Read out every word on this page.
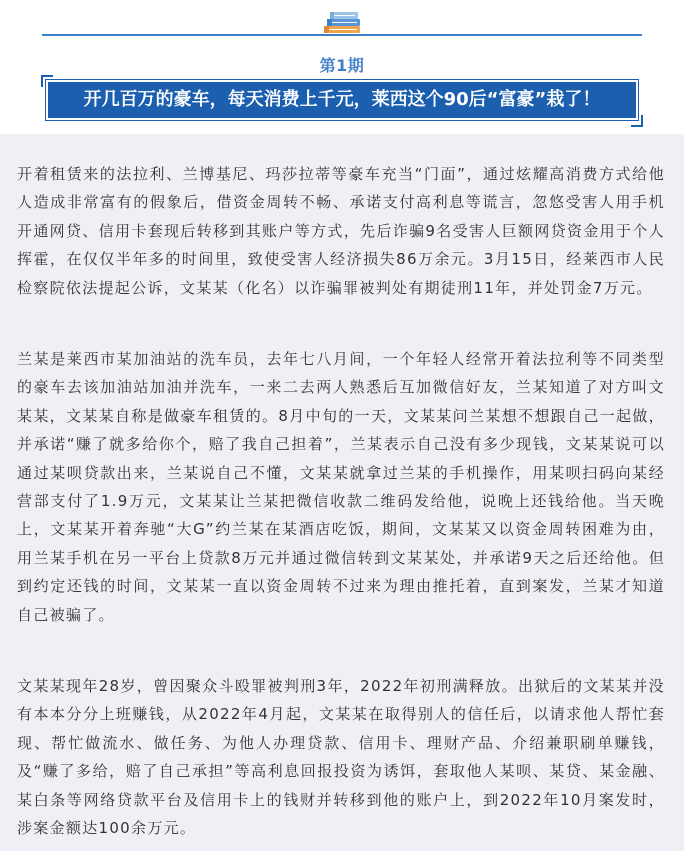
第1期
开几百万的豪车，每天消费上千元，莱西这个90后“富豪”栽了！

开着租赁来的法拉利、兰博基尼、玛莎拉蒂等豪车充当“门面”，通过炫耀高消费方式给他人造成非常富有的假象后，借资金周转不畅、承诺支付高利息等谎言，忽悠受害人用手机开通网贷、信用卡套现后转移到其账户等方式，先后诈骗9名受害人巨额网贷资金用于个人挥霍，在仅仅半年多的时间里，致使受害人经济损失86万余元。3月15日，经莱西市人民检察院依法提起公诉，文某某（化名）以诈骗罪被判处有期徒刑11年，并处罚金7万元。

兰某是莱西市某加油站的洗车员，去年七八月间，一个年轻人经常开着法拉利等不同类型的豪车去该加油站加油并洗车，一来二去两人熟悉后互加微信好友，兰某知道了对方叫文某某，文某某自称是做豪车租赁的。8月中旬的一天，文某某问兰某想不想跟自己一起做，并承诺“赚了就多给你个，赔了我自己担着”，兰某表示自己没有多少现钱，文某某说可以通过某呗贷款出来，兰某说自己不懂，文某某就拿过兰某的手机操作，用某呗扫码向某经营部支付了1.9万元，文某某让兰某把微信收款二维码发给他，说晚上还钱给他。当天晚上，文某某开着奔驰“大G”约兰某在某酒店吃饭，期间，文某某又以资金周转困难为由，用兰某手机在另一平台上贷款8万元并通过微信转到文某某处，并承诺9天之后还给他。但到约定还钱的时间，文某某一直以资金周转不过来为理由推托着，直到案发，兰某才知道自己被骗了。

文某某现年28岁，曾因聚众斗殴罪被判刑3年，2022年初刑满释放。出狱后的文某某并没有本本分分上班赚钱，从2022年4月起，文某某在取得别人的信任后，以请求他人帮忙套现、帮忙做流水、做任务、为他人办理贷款、信用卡、理财产品、介绍兼职刷单赚钱，及“赚了多给，赔了自己承担”等高利息回报投资为诱饵，套取他人某呗、某贷、某金融、某白条等网络贷款平台及信用卡上的钱财并转移到他的账户上，到2022年10月案发时，涉案金额达100余万元。
